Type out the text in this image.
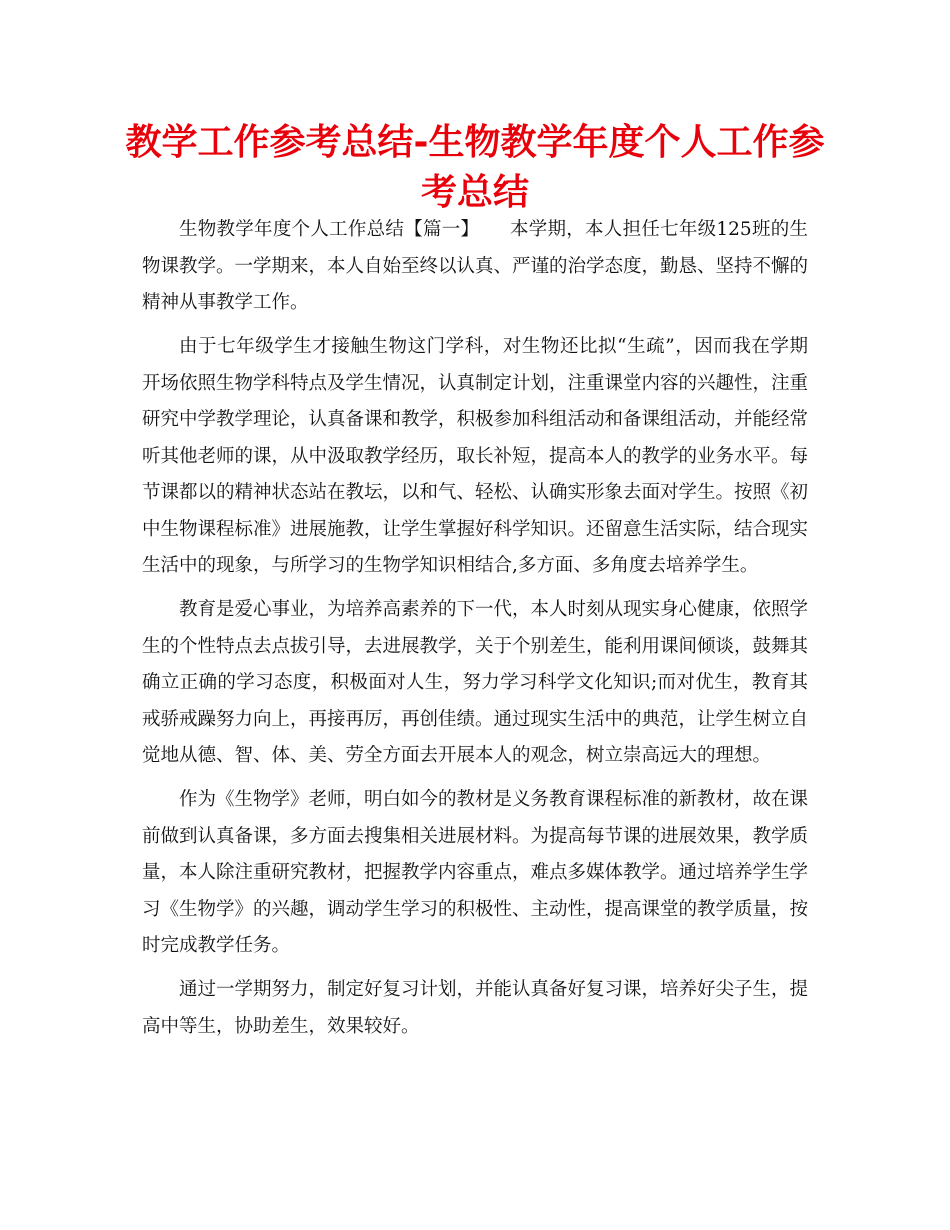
教学工作参考总结-生物教学年度个人工作参考总结

生物教学年度个人工作总结【篇一】     本学期，本人担任七年级125班的生物课教学。一学期来，本人自始至终以认真、严谨的治学态度，勤恳、坚持不懈的精神从事教学工作。

由于七年级学生才接触生物这门学科，对生物还比拟“生疏”，因而我在学期开场依照生物学科特点及学生情况，认真制定计划，注重课堂内容的兴趣性，注重研究中学教学理论，认真备课和教学，积极参加科组活动和备课组活动，并能经常听其他老师的课，从中汲取教学经历，取长补短，提高本人的教学的业务水平。每节课都以的精神状态站在教坛，以和气、轻松、认确实形象去面对学生。按照《初中生物课程标准》进展施教，让学生掌握好科学知识。还留意生活实际，结合现实生活中的现象，与所学习的生物学知识相结合,多方面、多角度去培养学生。

教育是爱心事业，为培养高素养的下一代，本人时刻从现实身心健康，依照学生的个性特点去点拔引导，去进展教学，关于个别差生，能利用课间倾谈，鼓舞其确立正确的学习态度，积极面对人生，努力学习科学文化知识;而对优生，教育其戒骄戒躁努力向上，再接再厉，再创佳绩。通过现实生活中的典范，让学生树立自觉地从德、智、体、美、劳全方面去开展本人的观念，树立崇高远大的理想。

作为《生物学》老师，明白如今的教材是义务教育课程标准的新教材，故在课前做到认真备课，多方面去搜集相关进展材料。为提高每节课的进展效果，教学质量，本人除注重研究教材，把握教学内容重点，难点多媒体教学。通过培养学生学习《生物学》的兴趣，调动学生学习的积极性、主动性，提高课堂的教学质量，按时完成教学任务。

通过一学期努力，制定好复习计划，并能认真备好复习课，培养好尖子生，提高中等生，协助差生，效果较好。
